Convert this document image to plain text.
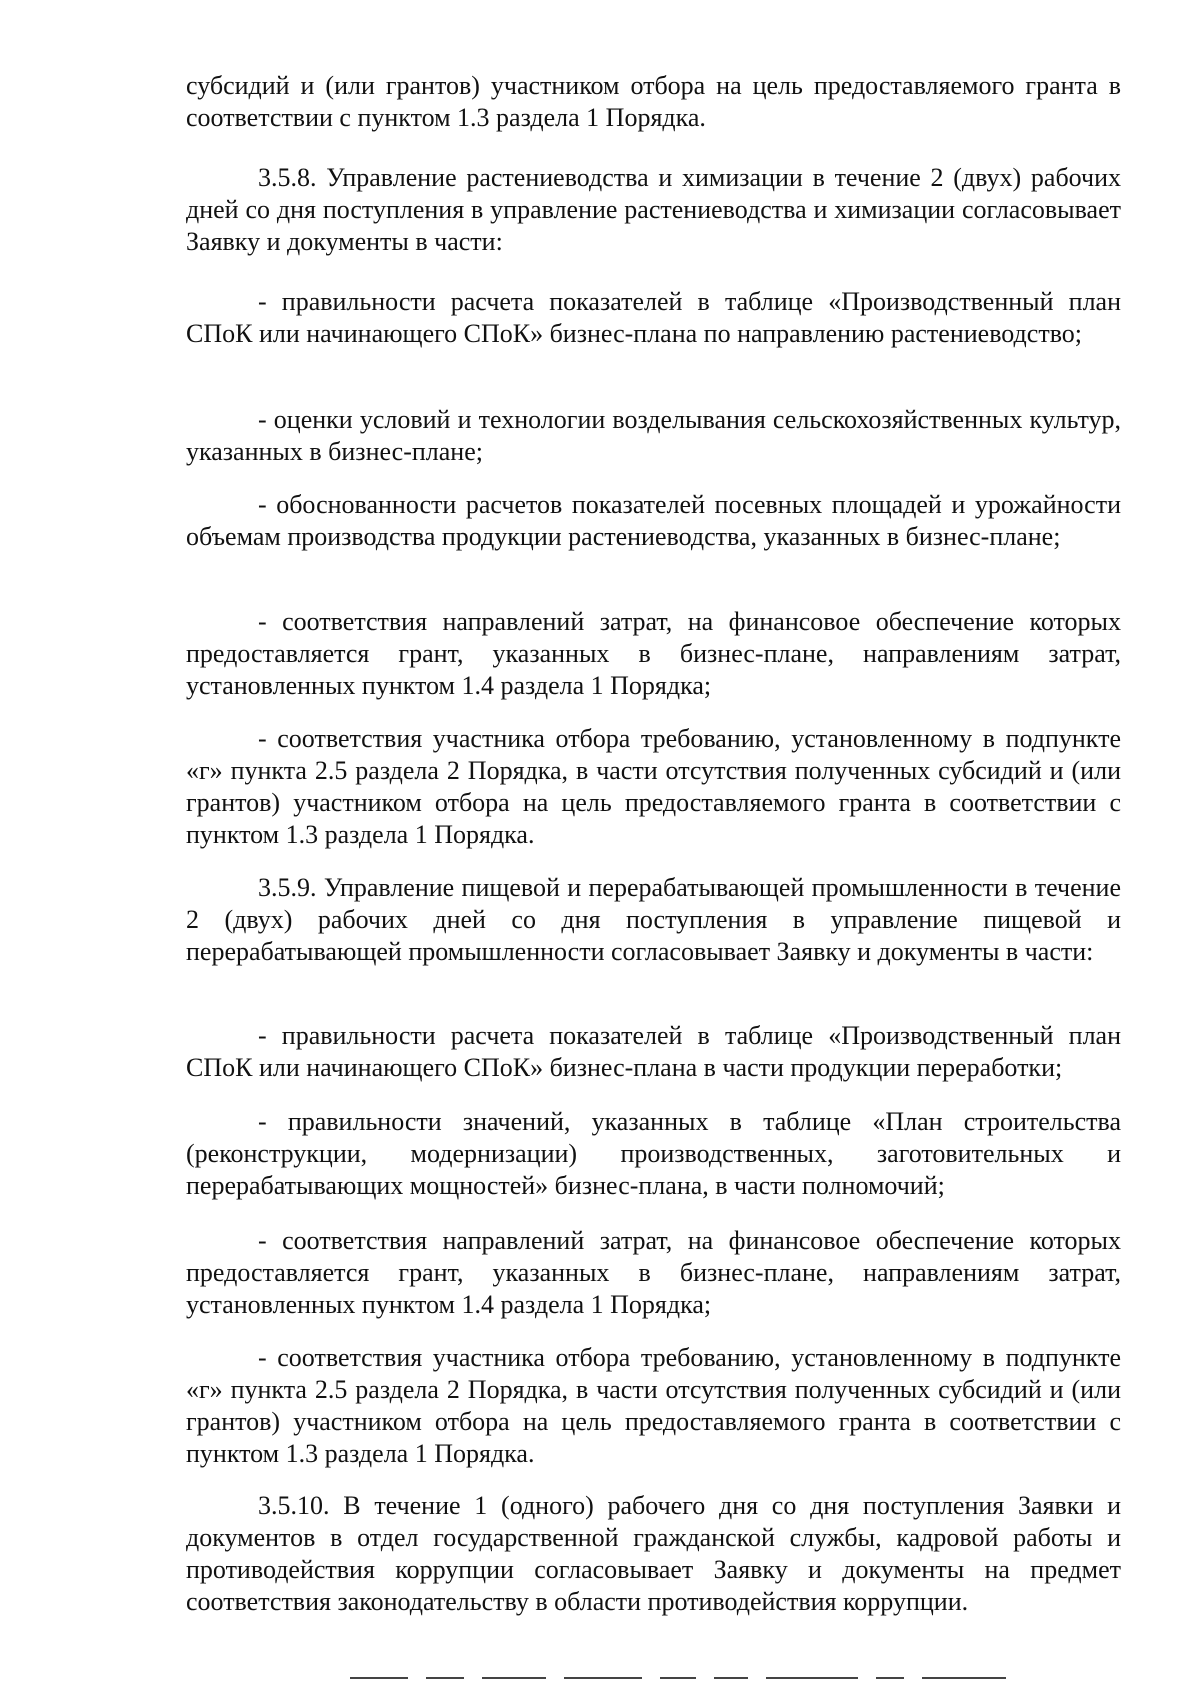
субсидий и (или грантов) участником отбора на цель предоставляемого гранта в соответствии с пунктом 1.3 раздела 1 Порядка.

3.5.8. Управление растениеводства и химизации в течение 2 (двух) рабочих дней со дня поступления в управление растениеводства и химизации согласовывает Заявку и документы в части:

- правильности расчета показателей в таблице «Производственный план СПоК или начинающего СПоК» бизнес-плана по направлению растениеводство;

- оценки условий и технологии возделывания сельскохозяйственных культур, указанных в бизнес-плане;

- обоснованности расчетов показателей посевных площадей и урожайности объемам производства продукции растениеводства, указанных в бизнес-плане;

- соответствия направлений затрат, на финансовое обеспечение которых предоставляется грант, указанных в бизнес-плане, направлениям затрат, установленных пунктом 1.4 раздела 1 Порядка;

- соответствия участника отбора требованию, установленному в подпункте «г» пункта 2.5 раздела 2 Порядка, в части отсутствия полученных субсидий и (или грантов) участником отбора на цель предоставляемого гранта в соответствии с пунктом 1.3 раздела 1 Порядка.

3.5.9. Управление пищевой и перерабатывающей промышленности в течение 2 (двух) рабочих дней со дня поступления в управление пищевой и перерабатывающей промышленности согласовывает Заявку и документы в части:

- правильности расчета показателей в таблице «Производственный план СПоК или начинающего СПоК» бизнес-плана в части продукции переработки;

- правильности значений, указанных в таблице «План строительства (реконструкции, модернизации) производственных, заготовительных и перерабатывающих мощностей» бизнес-плана, в части полномочий;

- соответствия направлений затрат, на финансовое обеспечение которых предоставляется грант, указанных в бизнес-плане, направлениям затрат, установленных пунктом 1.4 раздела 1 Порядка;

- соответствия участника отбора требованию, установленному в подпункте «г» пункта 2.5 раздела 2 Порядка, в части отсутствия полученных субсидий и (или грантов) участником отбора на цель предоставляемого гранта в соответствии с пунктом 1.3 раздела 1 Порядка.

3.5.10. В течение 1 (одного) рабочего дня со дня поступления Заявки и документов в отдел государственной гражданской службы, кадровой работы и противодействия коррупции согласовывает Заявку и документы на предмет соответствия законодательству в области противодействия коррупции.
